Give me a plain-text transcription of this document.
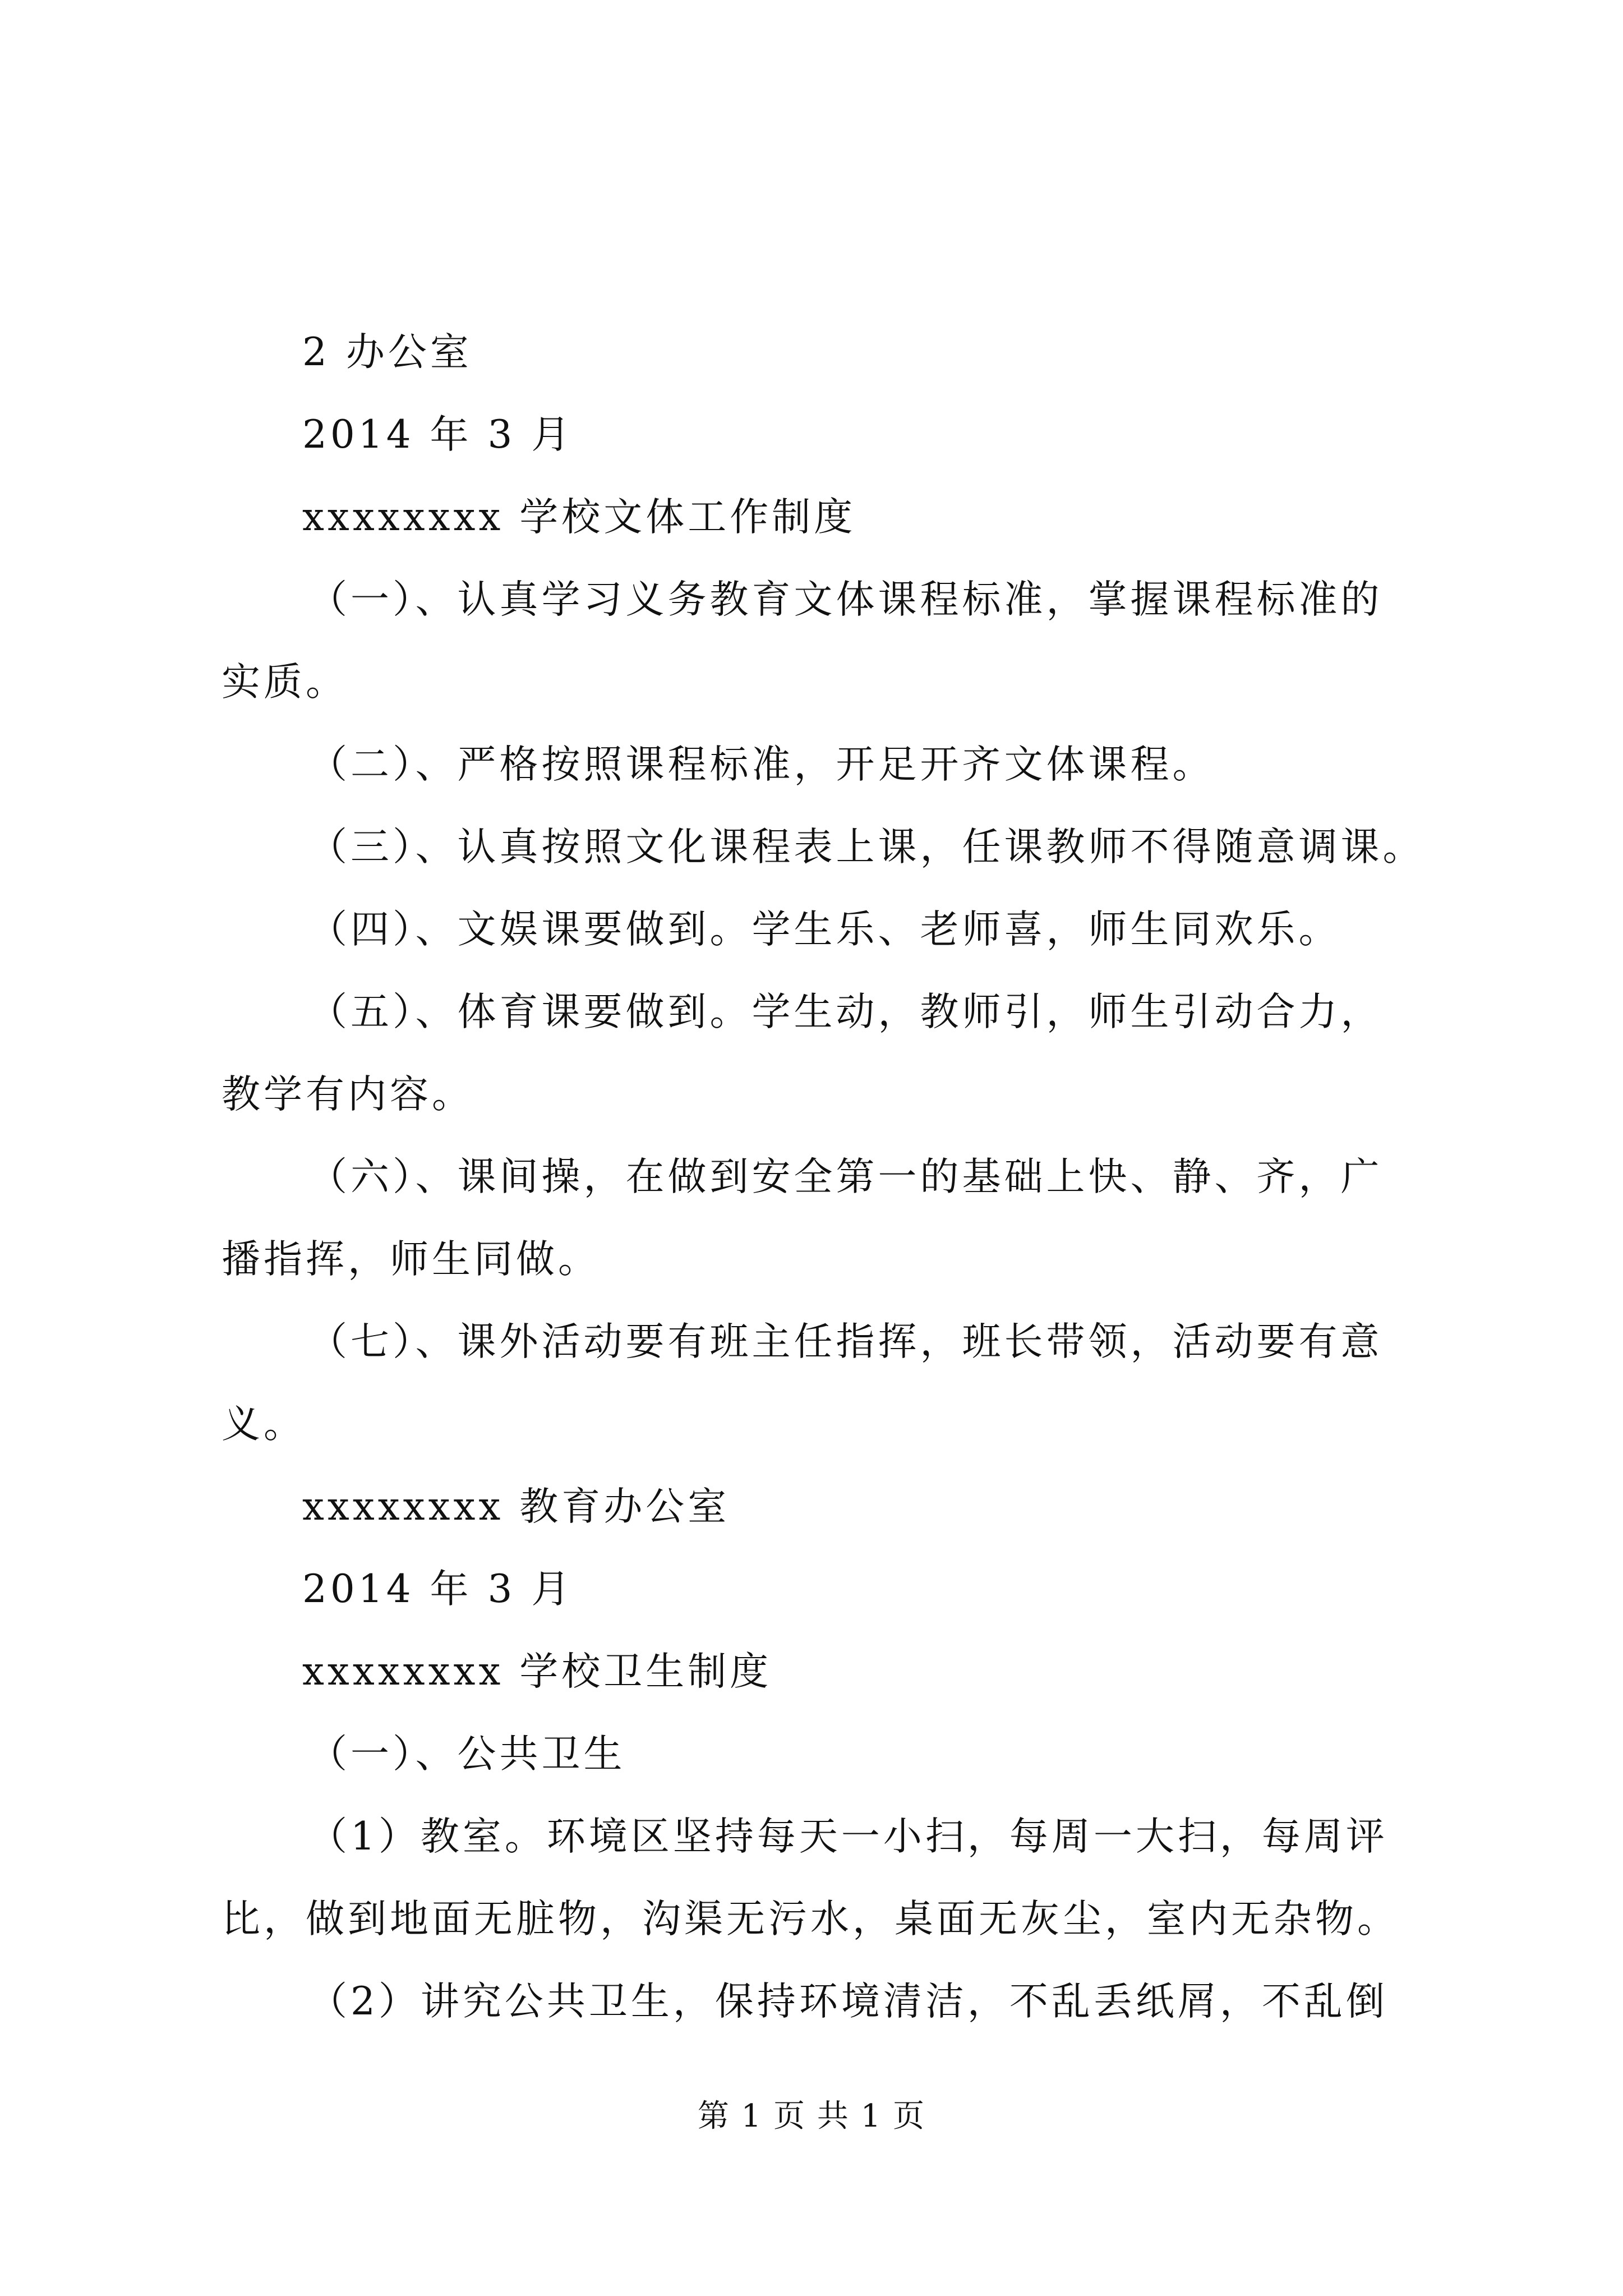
2 办公室
2014 年 3 月
xxxxxxxx 学校文体工作制度
（一）、认真学习义务教育文体课程标准，掌握课程标准的
实质。
（二）、严格按照课程标准，开足开齐文体课程。
（三）、认真按照文化课程表上课，任课教师不得随意调课。
（四）、文娱课要做到。学生乐、老师喜，师生同欢乐。
（五）、体育课要做到。学生动，教师引，师生引动合力，
教学有内容。
（六）、课间操，在做到安全第一的基础上快、静、齐，广
播指挥，师生同做。
（七）、课外活动要有班主任指挥，班长带领，活动要有意
义。
xxxxxxxx 教育办公室
2014 年 3 月
xxxxxxxx 学校卫生制度
（一）、公共卫生
（1）教室。环境区坚持每天一小扫，每周一大扫，每周评
比，做到地面无脏物，沟渠无污水，桌面无灰尘，室内无杂物。
（2）讲究公共卫生，保持环境清洁，不乱丢纸屑，不乱倒
第 1 页 共 1 页
